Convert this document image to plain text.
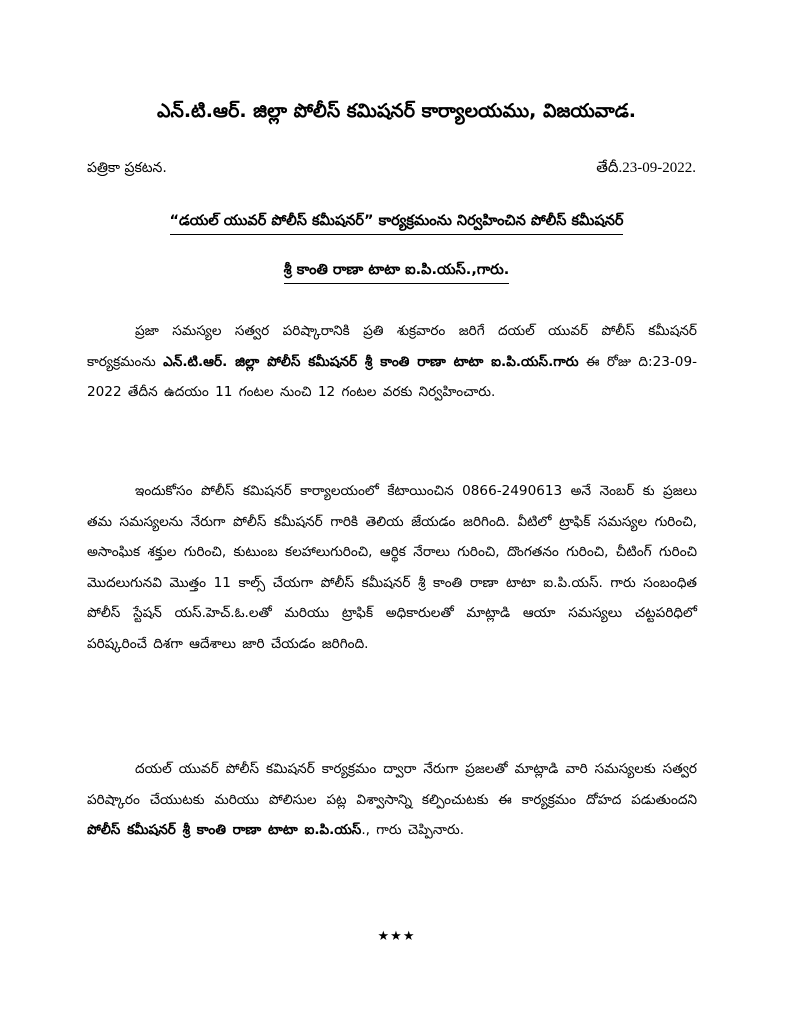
ఎన్.టి.ఆర్. జిల్లా పోలీస్ కమిషనర్ కార్యాలయము, విజయవాడ.
పత్రికా ప్రకటన.	తేదీ.23-09-2022.
“డయల్ యువర్ పోలీస్ కమీషనర్” కార్యక్రమంను నిర్వహించిన పోలీస్ కమీషనర్
శ్రీ కాంతి రాణా టాటా ఐ.పి.యస్.,గారు.

ప్రజా సమస్యల సత్వర పరిష్కారానికి ప్రతి శుక్రవారం జరిగే దయల్ యువర్ పోలీస్ కమీషనర్ కార్యక్రమంను ఎన్.టి.ఆర్. జిల్లా పోలీస్ కమీషనర్ శ్రీ కాంతి రాణా టాటా ఐ.పి.యస్.గారు ఈ రోజు ది:23-09-2022 తేదీన ఉదయం 11 గంటల నుంచి 12 గంటల వరకు నిర్వహించారు.

ఇందుకోసం పోలీస్ కమిషనర్ కార్యాలయంలో కేటాయించిన 0866-2490613 అనే నెంబర్ కు ప్రజలు తమ సమస్యలను నేరుగా పోలీస్ కమీషనర్ గారికి తెలియ జేయడం జరిగింది. వీటిలో ట్రాఫిక్ సమస్యల గురించి, అసాంఘిక శక్తుల గురించి, కుటుంబ కలహాలుగురించి, ఆర్థిక నేరాలు గురించి, దొంగతనం గురించి, చీటింగ్ గురించి మొదలుగునవి మొత్తం 11 కాల్స్ చేయగా పోలీస్ కమీషనర్ శ్రీ కాంతి రాణా టాటా ఐ.పి.యస్. గారు సంబంధిత పోలీస్ స్టేషన్ యస్.హెచ్.ఓ.లతో మరియు ట్రాఫిక్ అధికారులతో మాట్లాడి ఆయా సమస్యలు చట్టపరిధిలో పరిష్కరించే దిశగా ఆదేశాలు జారి చేయడం జరిగింది.

దయల్ యువర్ పోలీస్ కమిషనర్ కార్యక్రమం ద్వారా నేరుగా ప్రజలతో మాట్లాడి వారి సమస్యలకు సత్వర పరిష్కారం చేయుటకు మరియు పోలిసుల పట్ల విశ్వాసాన్ని కల్పించుటకు ఈ కార్యక్రమం దోహద పడుతుందని పోలీస్ కమీషనర్ శ్రీ కాంతి రాణా టాటా ఐ.పి.యస్., గారు చెప్పినారు.

★★★
